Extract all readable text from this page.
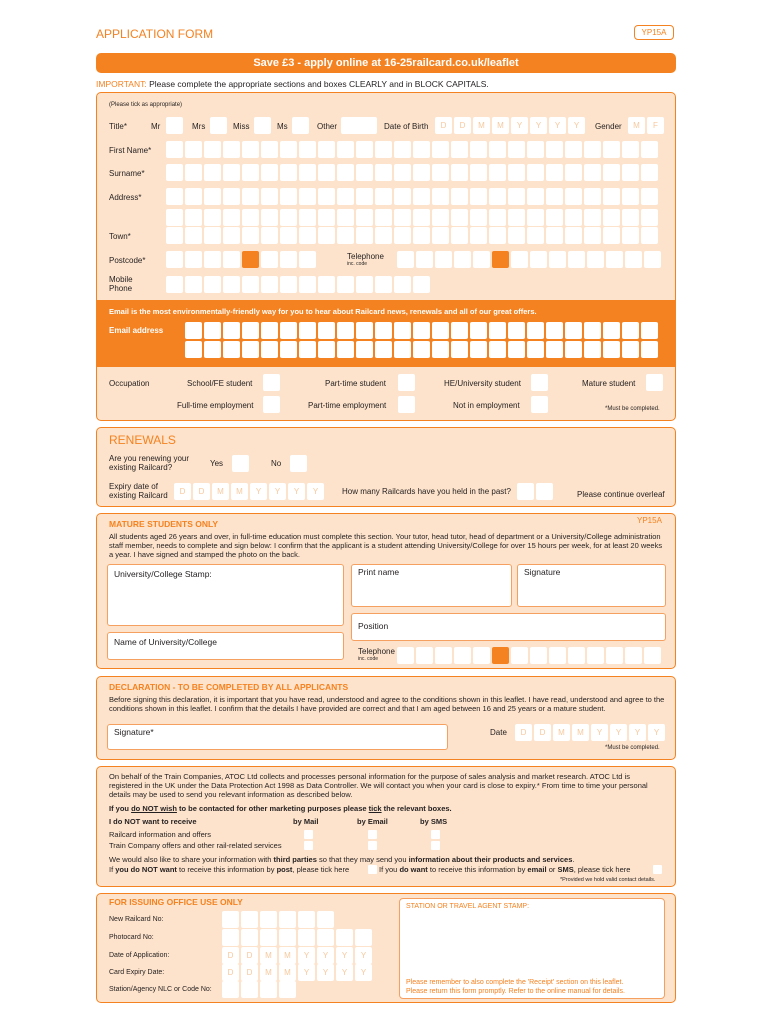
APPLICATION FORM	YP15A
Save £3 - apply online at 16-25railcard.co.uk/leaflet
IMPORTANT: Please complete the appropriate sections and boxes CLEARLY and in BLOCK CAPITALS.
(Please tick as appropriate)
Title*	Mr	Mrs	Miss	Ms	Other	Date of Birth	D	D	M	M	Y	Y	Y	Y	Gender	M	F
First Name*
Surname*
Address*
Town*
Postcode*	Telephone
inc. code
Mobile
Phone
Email is the most environmentally-friendly way for you to hear about Railcard news, renewals and all of our great offers.
Email address
Occupation	School/FE student	Part-time student	HE/University student	Mature student
Full-time employment	Part-time employment	Not in employment	*Must be completed.
RENEWALS
Are you renewing your
existing Railcard?	Yes	No
Expiry date of
existing Railcard	D	D	M	M	Y	Y	Y	Y	How many Railcards have you held in the past?	Please continue overleaf
MATURE STUDENTS ONLY	YP15A
All students aged 26 years and over, in full-time education must complete this section. Your tutor, head tutor, head of department or a University/College administration staff member, needs to complete and sign below: I confirm that the applicant is a student attending University/College for over 15 hours per week, for at least 20 weeks a year. I have signed and stamped the photo on the back.
University/College Stamp:	Print name	Signature
Position
Name of University/College
Telephone
inc. code
DECLARATION - TO BE COMPLETED BY ALL APPLICANTS
Before signing this declaration, it is important that you have read, understood and agree to the conditions shown in this leaflet. I have read, understood and agree to the conditions shown in this leaflet. I confirm that the details I have provided are correct and that I am aged between 16 and 25 years or a mature student.
Signature*	Date	D	D	M	M	Y	Y	Y	Y
*Must be completed.
On behalf of the Train Companies, ATOC Ltd collects and processes personal information for the purpose of sales analysis and market research. ATOC Ltd is registered in the UK under the Data Protection Act 1998 as Data Controller. We will contact you when your card is close to expiry.* From time to time your personal details may be used to send you relevant information as described below.
If you do NOT wish to be contacted for other marketing purposes please tick the relevant boxes.
I do NOT want to receive	by Mail	by Email	by SMS
Railcard information and offers
Train Company offers and other rail-related services
We would also like to share your information with third parties so that they may send you information about their products and services.
If you do NOT want to receive this information by post, please tick here	If you do want to receive this information by email or SMS, please tick here
*Provided we hold valid contact details.
FOR ISSUING OFFICE USE ONLY
New Railcard No:
Photocard No:
Date of Application:	D	D	M	M	Y	Y	Y	Y
Card Expiry Date:	D	D	M	M	Y	Y	Y	Y
Station/Agency NLC or Code No:
STATION OR TRAVEL AGENT STAMP:
Please remember to also complete the 'Receipt' section on this leaflet.
Please return this form promptly. Refer to the online manual for details.
